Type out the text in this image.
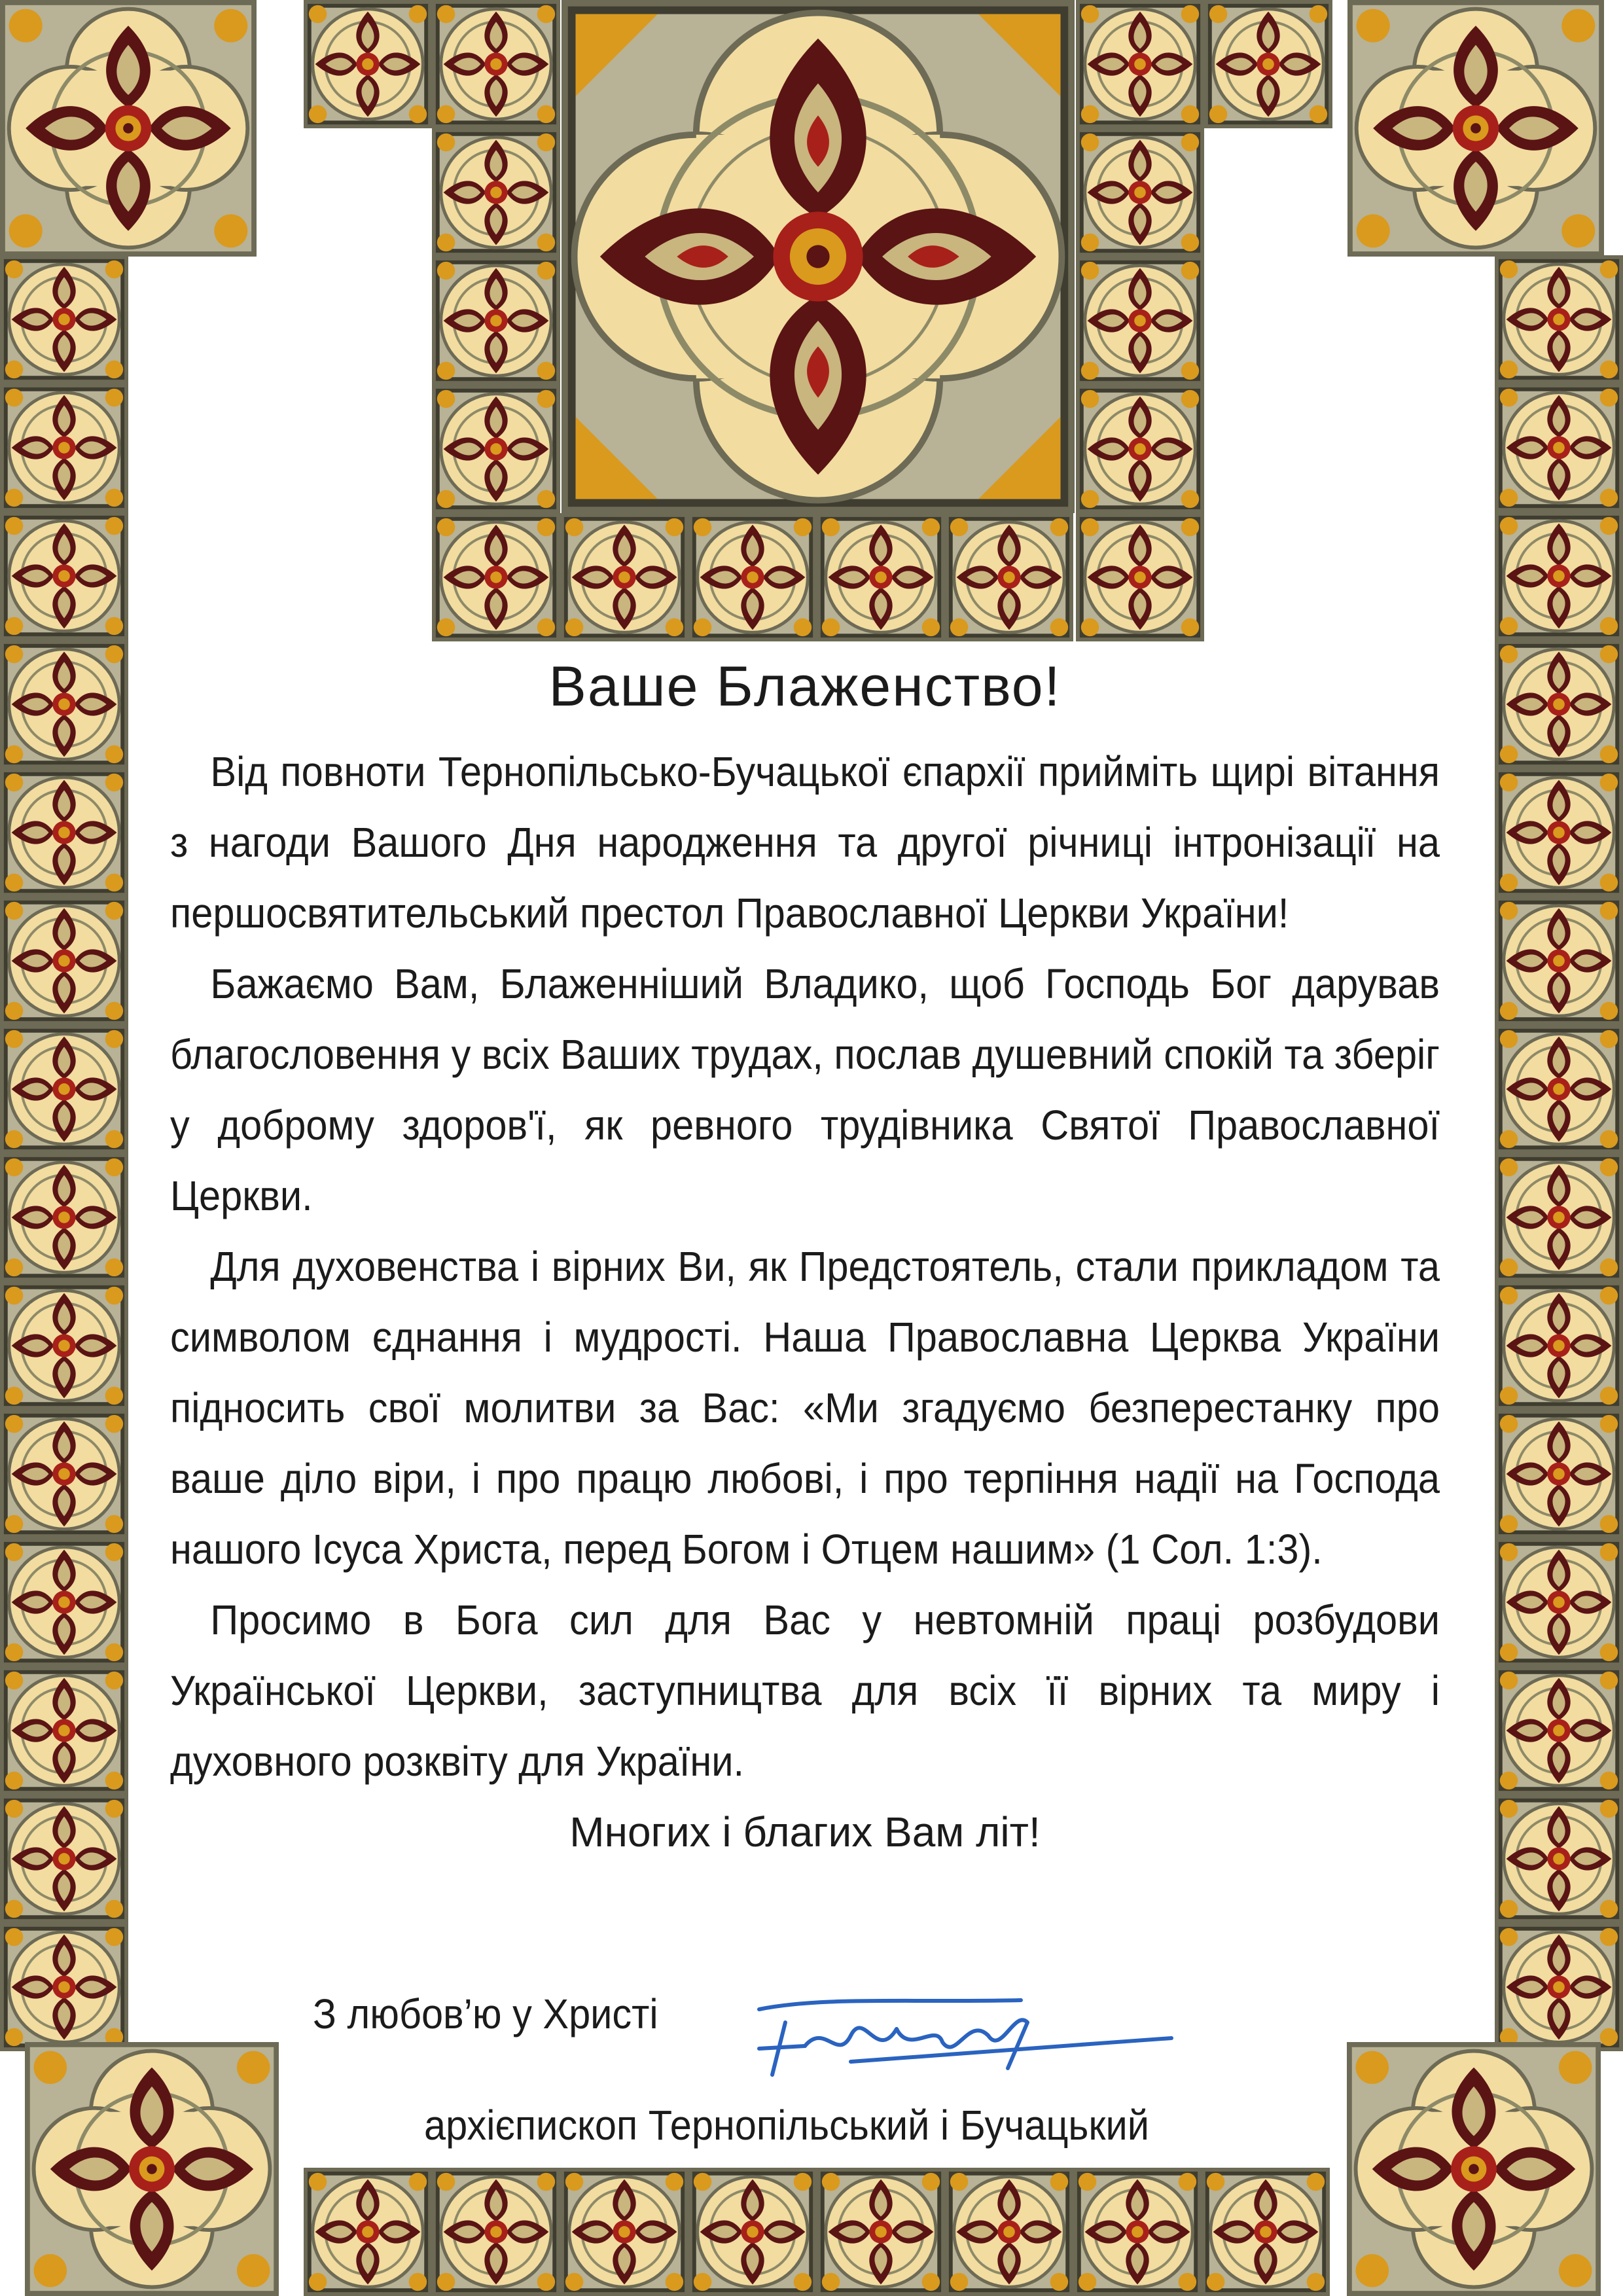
Ваше Блаженство!

Від повноти Тернопільсько-Бучацької єпархії прийміть щирі вітання з нагоди Вашого Дня народження та другої річниці інтронізації на першосвятительський престол Православної Церкви України!

Бажаємо Вам, Блаженніший Владико, щоб Господь Бог дарував благословення у всіх Ваших трудах, послав душевний спокій та зберіг у доброму здоров'ї, як ревного трудівника Святої Православної Церкви.

Для духовенства і вірних Ви, як Предстоятель, стали прикладом та символом єднання і мудрості. Наша Православна Церква України підносить свої молитви за Вас: «Ми згадуємо безперестанку про ваше діло віри, і про працю любові, і про терпіння надії на Господа нашого Ісуса Христа, перед Богом і Отцем нашим» (1 Сол. 1:3).

Просимо в Бога сил для Вас у невтомній праці розбудови Української Церкви, заступництва для всіх її вірних та миру і духовного розквіту для України.

Многих і благих Вам літ!

З любов’ю у Христі
архієпископ Тернопільський і Бучацький
